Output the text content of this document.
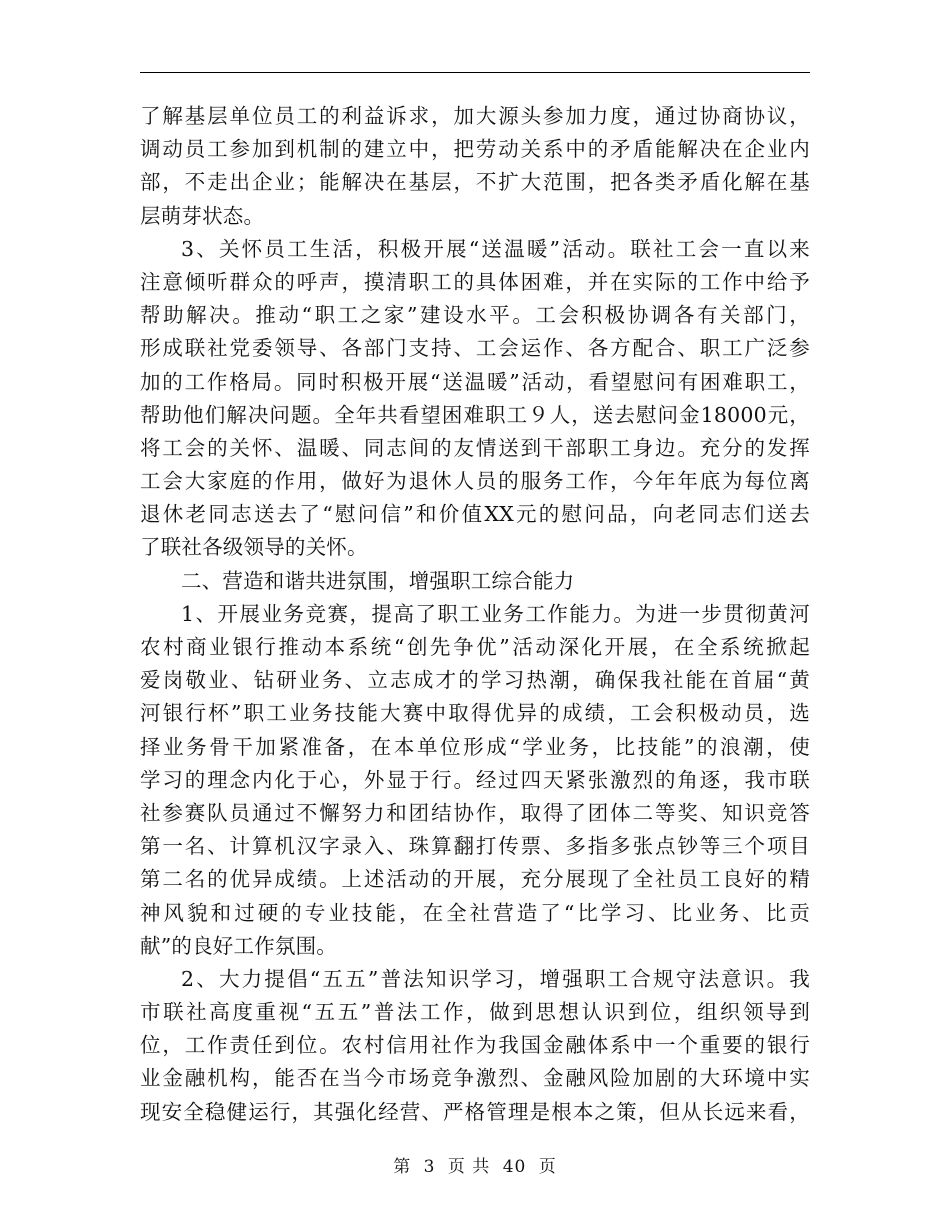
了解基层单位员工的利益诉求，加大源头参加力度，通过协商协议，
调动员工参加到机制的建立中，把劳动关系中的矛盾能解决在企业内
部，不走出企业；能解决在基层，不扩大范围，把各类矛盾化解在基
层萌芽状态。
3、关怀员工生活，积极开展“送温暖”活动。联社工会一直以来
注意倾听群众的呼声，摸清职工的具体困难，并在实际的工作中给予
帮助解决。推动“职工之家”建设水平。工会积极协调各有关部门，
形成联社党委领导、各部门支持、工会运作、各方配合、职工广泛参
加的工作格局。同时积极开展“送温暖”活动，看望慰问有困难职工，
帮助他们解决问题。全年共看望困难职工９人，送去慰问金18000元，
将工会的关怀、温暖、同志间的友情送到干部职工身边。充分的发挥
工会大家庭的作用，做好为退休人员的服务工作，今年年底为每位离
退休老同志送去了“慰问信”和价值XX元的慰问品，向老同志们送去
了联社各级领导的关怀。
二、营造和谐共进氛围，增强职工综合能力
1、开展业务竞赛，提高了职工业务工作能力。为进一步贯彻黄河
农村商业银行推动本系统“创先争优”活动深化开展，在全系统掀起
爱岗敬业、钻研业务、立志成才的学习热潮，确保我社能在首届“黄
河银行杯”职工业务技能大赛中取得优异的成绩，工会积极动员，选
择业务骨干加紧准备，在本单位形成“学业务，比技能”的浪潮，使
学习的理念内化于心，外显于行。经过四天紧张激烈的角逐，我市联
社参赛队员通过不懈努力和团结协作，取得了团体二等奖、知识竞答
第一名、计算机汉字录入、珠算翻打传票、多指多张点钞等三个项目
第二名的优异成绩。上述活动的开展，充分展现了全社员工良好的精
神风貌和过硬的专业技能，在全社营造了“比学习、比业务、比贡
献”的良好工作氛围。
2、大力提倡“五五”普法知识学习，增强职工合规守法意识。我
市联社高度重视“五五”普法工作，做到思想认识到位，组织领导到
位，工作责任到位。农村信用社作为我国金融体系中一个重要的银行
业金融机构，能否在当今市场竞争激烈、金融风险加剧的大环境中实
现安全稳健运行，其强化经营、严格管理是根本之策，但从长远来看，
第 3 页 共 40 页
